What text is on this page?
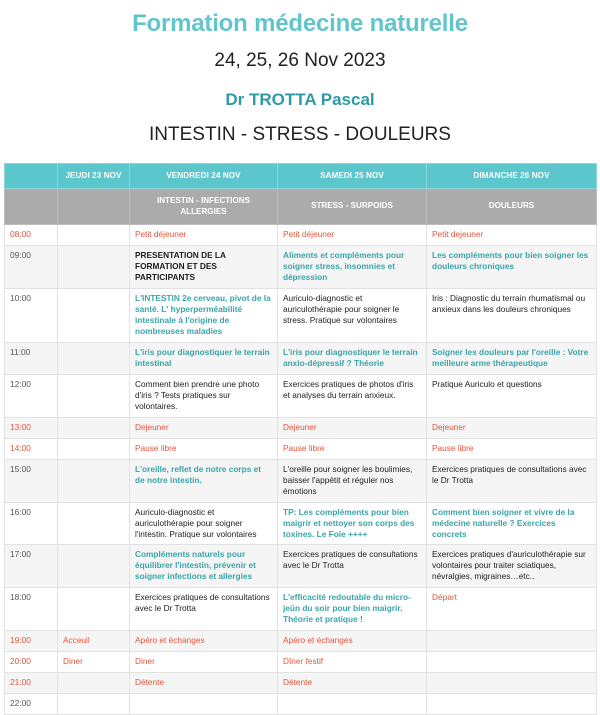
Formation médecine naturelle
24, 25, 26 Nov 2023
Dr TROTTA Pascal
INTESTIN - STRESS - DOULEURS
	JEUDI 23 NOV	VENDREDI 24 NOV	SAMEDI 25 NOV	DIMANCHE 26 NOV
		INTESTIN - INFECTIONS ALLERGIES	STRESS - SURPOIDS	DOULEURS
08:00		Petit déjeuner	Petit déjeuner	Petit dejeuner
09:00		PRESENTATION DE LA FORMATION ET DES PARTICIPANTS	Aliments et compléments pour soigner stress, insomnies et dépression	Les compléments pour bien soigner les douleurs chroniques
10:00		L'INTESTIN 2e cerveau, pivot de la santé. L' hyperperméabilité intestinale à l'origine de nombreuses maladies	Auriculo-diagnostic et auriculothérapie pour soigner le stress. Pratique sur volontaires	Iris : Diagnostic du terrain rhumatismal ou anxieux dans les douleurs chroniques
11:00		L'iris pour diagnostiquer le terrain intestinal	L'iris pour diagnostiquer le terrain anxio-dépressif ? Théorie	Soigner les douleurs par l'oreille : Votre meilleure arme thérapeutique
12:00		Comment bien prendre une photo d'iris ? Tests pratiques sur volontaires.	Exercices pratiques de photos d'iris et analyses du terrain anxieux.	Pratique Auriculo et questions
13:00		Dejeuner	Dejeuner	Dejeuner
14:00		Pause libre	Pause libre	Pause libre
15:00		L'oreille, reflet de notre corps et de notre intestin.	L'oreille pour soigner les boulimies, baisser l'appétit et réguler nos émotions	Exercices pratiques de consultations avec le Dr Trotta
16:00		Auriculo-diagnostic et auriculothérapie pour soigner l'intestin. Pratique sur volontaires	TP: Les compléments pour bien maigrir et nettoyer son corps des toxines. Le Foie ++++	Comment bien soigner et vivre de la médecine naturelle ? Exercices concrets
17:00		Compléments naturels pour équilibrer l'intestin, prévenir et soigner infections et allergies	Exercices pratiques de consultations avec le Dr Trotta	Exercices pratiques d'auriculothérapie sur volontaires pour traiter sciatiques, névralgies, migraines…etc..
18:00		Exercices pratiques de consultations avec le Dr Trotta	L'efficacité redoutable du micro-jeûn du soir pour bien maigrir. Théorie et pratique !	Départ
19:00	Acceuil	Apéro et échanges	Apéro et échanges	
20:00	Diner	Diner	Dîner festif	
21:00		Détente	Détente	
22:00				
